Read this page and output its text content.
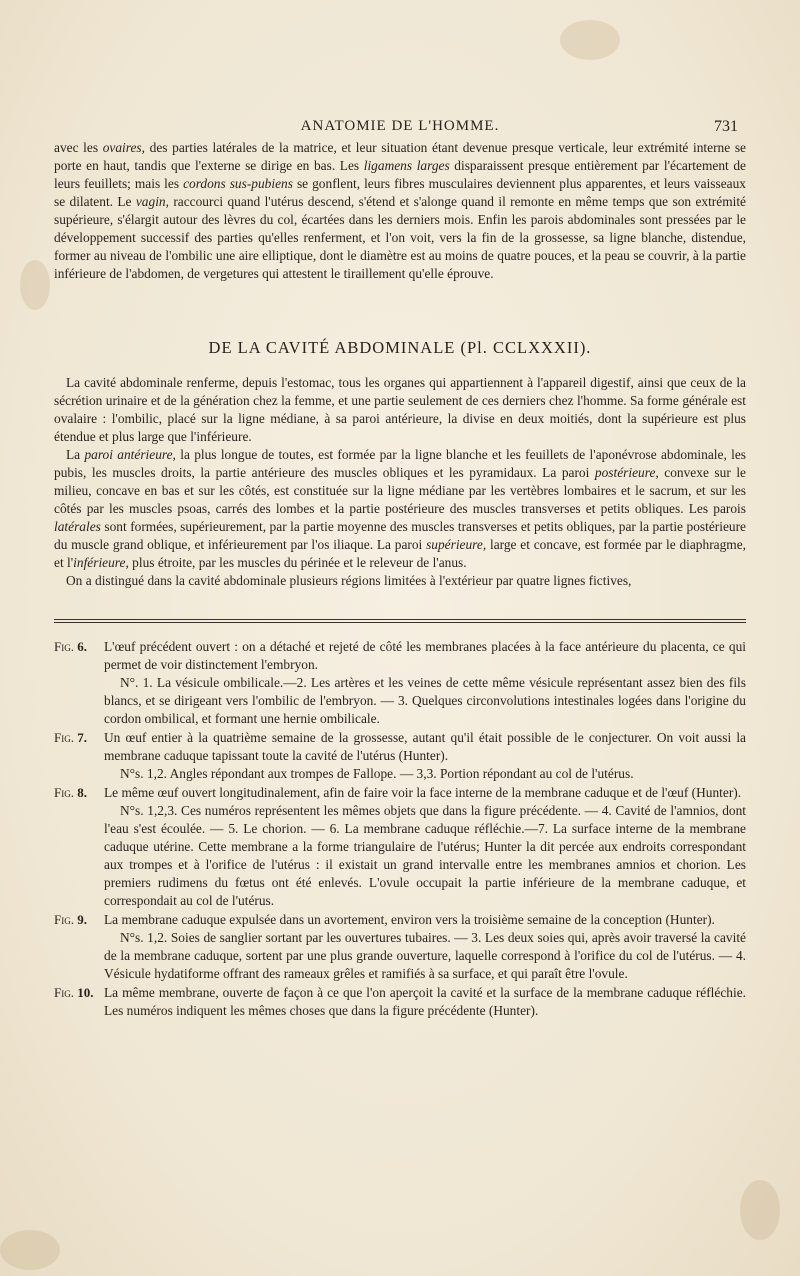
ANATOMIE DE L'HOMME.	731

avec les ovaires, des parties latérales de la matrice, et leur situation étant devenue presque verticale, leur extrémité interne se porte en haut, tandis que l'externe se dirige en bas. Les ligamens larges disparaissent presque entièrement par l'écartement de leurs feuillets; mais les cordons sus-pubiens se gonflent, leurs fibres musculaires deviennent plus apparentes, et leurs vaisseaux se dilatent. Le vagin, raccourci quand l'utérus descend, s'étend et s'alonge quand il remonte en même temps que son extrémité supérieure, s'élargit autour des lèvres du col, écartées dans les derniers mois. Enfin les parois abdominales sont pressées par le développement successif des parties qu'elles renferment, et l'on voit, vers la fin de la grossesse, sa ligne blanche, distendue, former au niveau de l'ombilic une aire elliptique, dont le diamètre est au moins de quatre pouces, et la peau se couvrir, à la partie inférieure de l'abdomen, de vergetures qui attestent le tiraillement qu'elle éprouve.

DE LA CAVITÉ ABDOMINALE (Pl. CCLXXXII).

La cavité abdominale renferme, depuis l'estomac, tous les organes qui appartiennent à l'appareil digestif, ainsi que ceux de la sécrétion urinaire et de la génération chez la femme, et une partie seulement de ces derniers chez l'homme. Sa forme générale est ovalaire : l'ombilic, placé sur la ligne médiane, à sa paroi antérieure, la divise en deux moitiés, dont la supérieure est plus étendue et plus large que l'inférieure.

La paroi antérieure, la plus longue de toutes, est formée par la ligne blanche et les feuillets de l'aponévrose abdominale, les pubis, les muscles droits, la partie antérieure des muscles obliques et les pyramidaux. La paroi postérieure, convexe sur le milieu, concave en bas et sur les côtés, est constituée sur la ligne médiane par les vertèbres lombaires et le sacrum, et sur les côtés par les muscles psoas, carrés des lombes et la partie postérieure des muscles transverses et petits obliques. Les parois latérales sont formées, supérieurement, par la partie moyenne des muscles transverses et petits obliques, par la partie postérieure du muscle grand oblique, et inférieurement par l'os iliaque. La paroi supérieure, large et concave, est formée par le diaphragme, et l'inférieure, plus étroite, par les muscles du périnée et le releveur de l'anus.

On a distingué dans la cavité abdominale plusieurs régions limitées à l'extérieur par quatre lignes fictives,

Fig. 6.	L'œuf précédent ouvert : on a détaché et rejeté de côté les membranes placées à la face antérieure du placenta, ce qui permet de voir distinctement l'embryon.

N°. 1. La vésicule ombilicale.—2. Les artères et les veines de cette même vésicule représentant assez bien des fils blancs, et se dirigeant vers l'ombilic de l'embryon. — 3. Quelques circonvolutions intestinales logées dans l'origine du cordon ombilical, et formant une hernie ombilicale.

Fig. 7.	Un œuf entier à la quatrième semaine de la grossesse, autant qu'il était possible de le conjecturer. On voit aussi la membrane caduque tapissant toute la cavité de l'utérus (Hunter).

N°s. 1,2. Angles répondant aux trompes de Fallope. — 3,3. Portion répondant au col de l'utérus.

Fig. 8.	Le même œuf ouvert longitudinalement, afin de faire voir la face interne de la membrane caduque et de l'œuf (Hunter).

N°s. 1,2,3. Ces numéros représentent les mêmes objets que dans la figure précédente. — 4. Cavité de l'amnios, dont l'eau s'est écoulée. — 5. Le chorion. — 6. La membrane caduque réfléchie.—7. La surface interne de la membrane caduque utérine. Cette membrane a la forme triangulaire de l'utérus; Hunter la dit percée aux endroits correspondant aux trompes et à l'orifice de l'utérus : il existait un grand intervalle entre les membranes amnios et chorion. Les premiers rudimens du fœtus ont été enlevés. L'ovule occupait la partie inférieure de la membrane caduque, et correspondait au col de l'utérus.

Fig. 9.	La membrane caduque expulsée dans un avortement, environ vers la troisième semaine de la conception (Hunter).

N°s. 1,2. Soies de sanglier sortant par les ouvertures tubaires. — 3. Les deux soies qui, après avoir traversé la cavité de la membrane caduque, sortent par une plus grande ouverture, laquelle correspond à l'orifice du col de l'utérus. — 4. Vésicule hydatiforme offrant des rameaux grêles et ramifiés à sa surface, et qui paraît être l'ovule.

Fig. 10. La même membrane, ouverte de façon à ce que l'on aperçoit la cavité et la surface de la membrane caduque réfléchie. Les numéros indiquent les mêmes choses que dans la figure précédente (Hunter).
